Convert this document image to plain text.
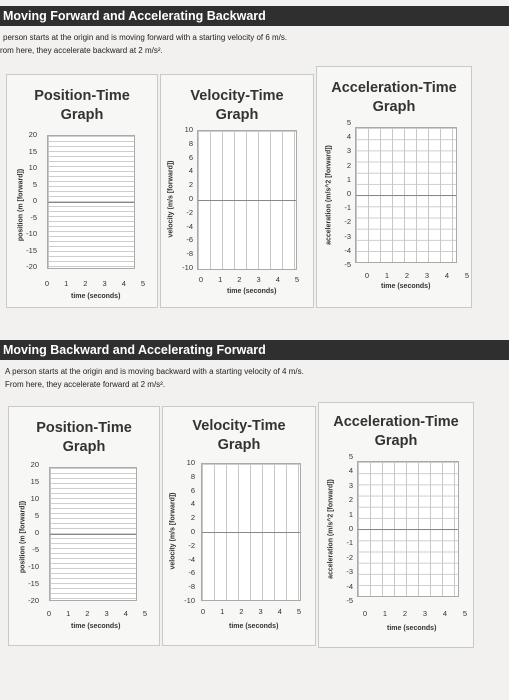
Moving Forward and Accelerating Backward
person starts at the origin and is moving forward with a starting velocity of 6 m/s.
rom here, they accelerate backward at 2 m/s².
Position-Time
Graph
position (m [forward])
time (seconds)
20
15
10
5
0
-5
-10
-15
-20
0	1	2	3	4	5
Velocity-Time
Graph
velocity (m/s [forward])
time (seconds)
10
8
6
4
2
0
-2
-4
-6
-8
-10
0	1	2	3	4	5
Acceleration-Time
Graph
acceleration (m/s^2 [forward])
time (seconds)
5
4
3
2
1
0
-1
-2
-3
-4
-5
0	1	2	3	4	5

Moving Backward and Accelerating Forward
A person starts at the origin and is moving backward with a starting velocity of 4 m/s.
From here, they accelerate forward at 2 m/s².
Position-Time
Graph
position (m [forward])
time (seconds)
20
15
10
5
0
-5
-10
-15
-20
0	1	2	3	4	5
Velocity-Time
Graph
velocity (m/s [forward])
time (seconds)
10
8
6
4
2
0
-2
-4
-6
-8
-10
0	1	2	3	4	5
Acceleration-Time
Graph
acceleration (m/s^2 [forward])
time (seconds)
5
4
3
2
1
0
-1
-2
-3
-4
-5
0	1	2	3	4	5
